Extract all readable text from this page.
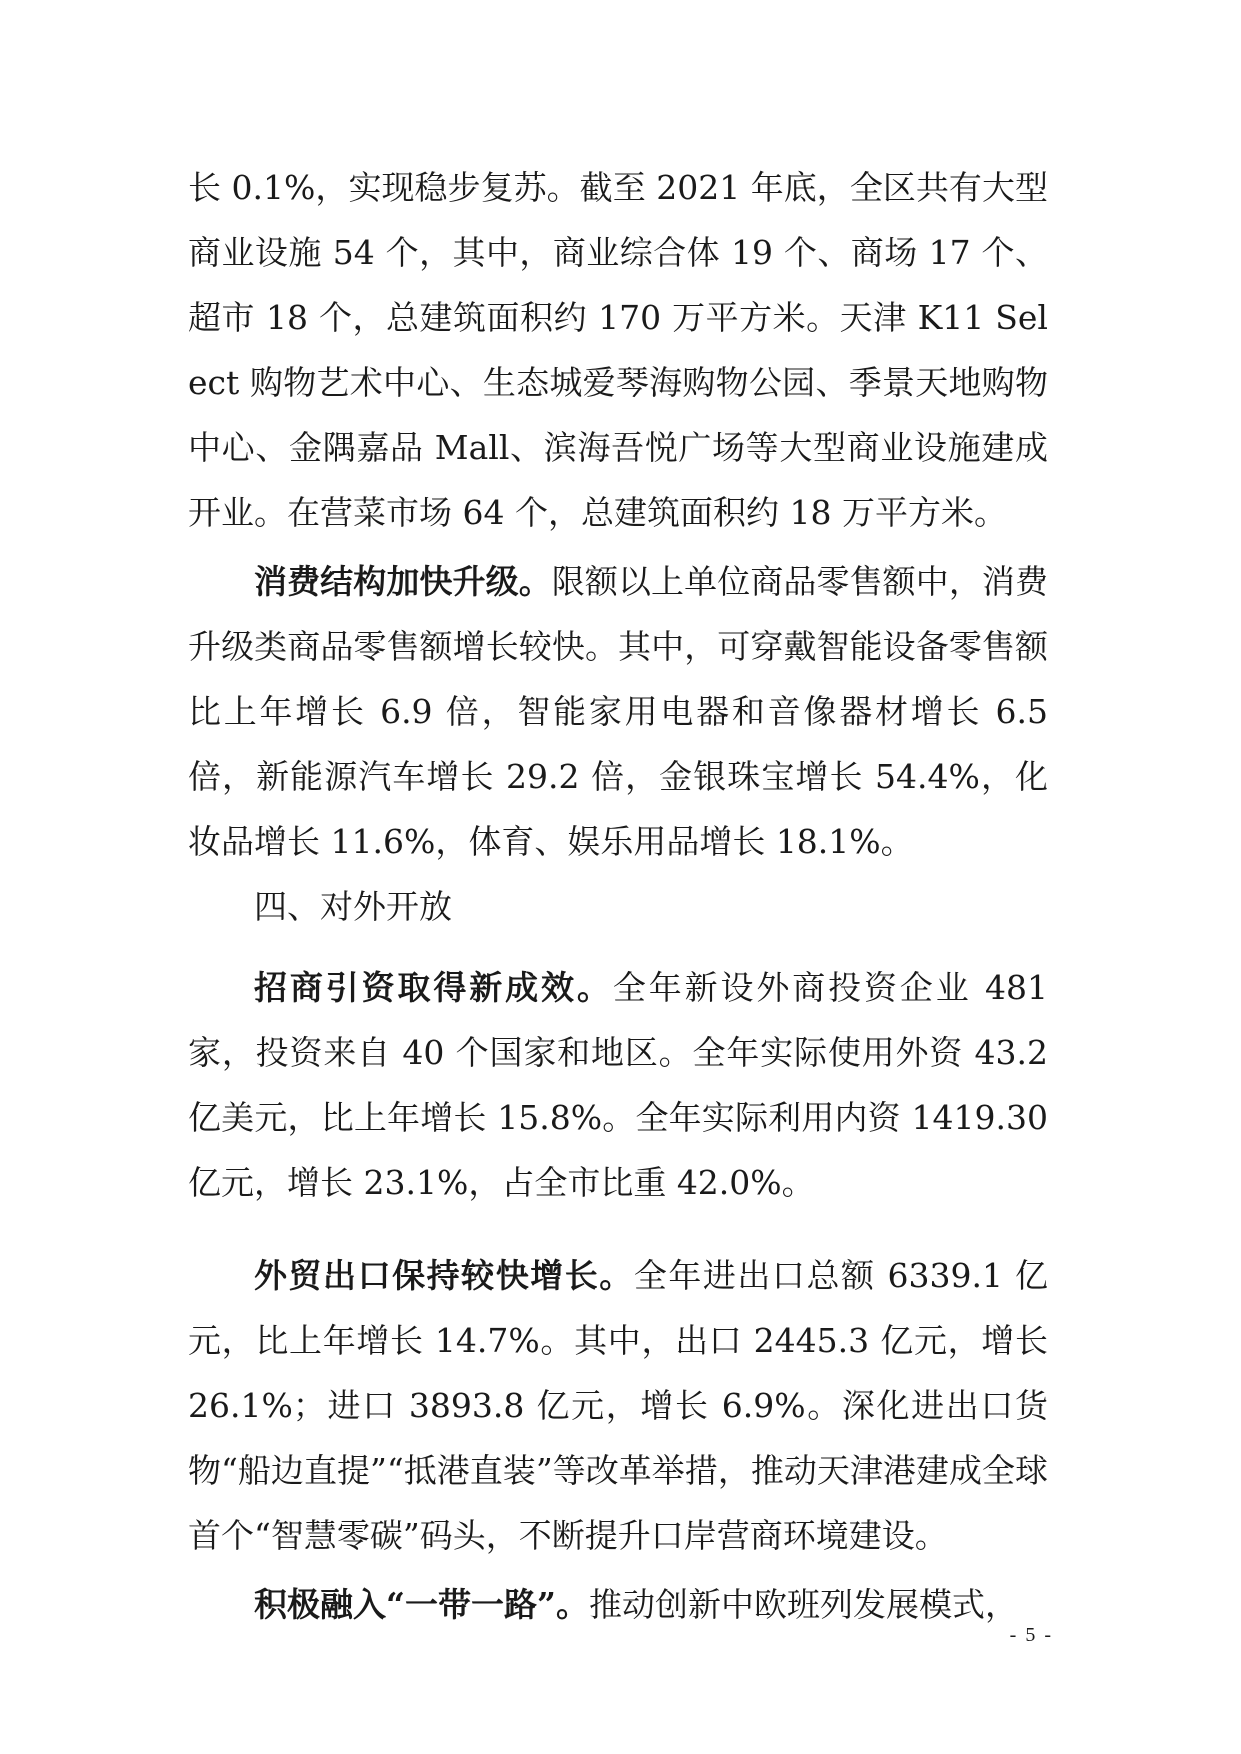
长 0.1%，实现稳步复苏。截至 2021 年底，全区共有大型商业设施 54 个，其中，商业综合体 19 个、商场 17 个、超市 18 个，总建筑面积约 170 万平方米。天津 K11 Select 购物艺术中心、生态城爱琴海购物公园、季景天地购物中心、金隅嘉品 Mall、滨海吾悦广场等大型商业设施建成开业。在营菜市场 64 个，总建筑面积约 18 万平方米。

消费结构加快升级。限额以上单位商品零售额中，消费升级类商品零售额增长较快。其中，可穿戴智能设备零售额比上年增长 6.9 倍，智能家用电器和音像器材增长 6.5 倍，新能源汽车增长 29.2 倍，金银珠宝增长 54.4%，化妆品增长 11.6%，体育、娱乐用品增长 18.1%。

四、对外开放

招商引资取得新成效。全年新设外商投资企业 481 家，投资来自 40 个国家和地区。全年实际使用外资 43.2 亿美元，比上年增长 15.8%。全年实际利用内资 1419.30 亿元，增长 23.1%，占全市比重 42.0%。

外贸出口保持较快增长。全年进出口总额 6339.1 亿元，比上年增长 14.7%。其中，出口 2445.3 亿元，增长 26.1%；进口 3893.8 亿元，增长 6.9%。深化进出口货物“船边直提”“抵港直装”等改革举措，推动天津港建成全球首个“智慧零碳”码头，不断提升口岸营商环境建设。

积极融入“一带一路”。推动创新中欧班列发展模式，

- 5 -
